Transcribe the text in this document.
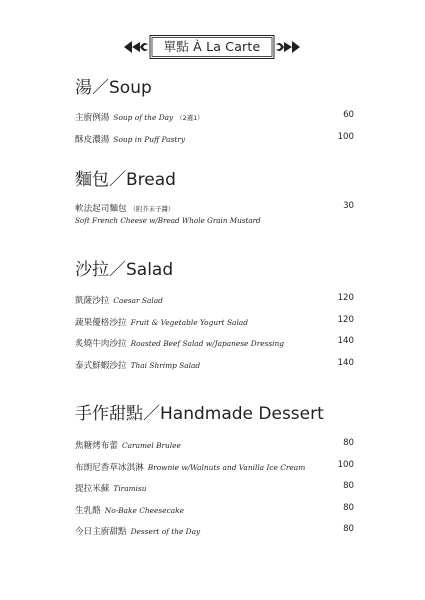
單點 À La Carte
湯／Soup
主廚例湯 Soup of the Day （2選1）	60
酥皮濃湯 Soup in Puff Pastry	100
麵包／Bread
軟法起司麵包 （附芥末子醬）	30
Soft French Cheese w/Bread Whole Grain Mustard
沙拉／Salad
凱薩沙拉 Caesar Salad	120
蔬果優格沙拉 Fruit & Vegetable Yogurt Salad	120
炙燒牛肉沙拉 Roasted Beef Salad w/Japanese Dressing	140
泰式鮮蝦沙拉 Thai Shrimp Salad	140
手作甜點／Handmade Dessert
焦糖烤布蕾 Caramel Brulee	80
布朗尼香草冰淇淋 Brownie w/Walnuts and Vanilla Ice Cream	100
提拉米蘇 Tiramisu	80
生乳酪 No-Bake Cheesecake	80
今日主廚甜點 Dessert of the Day	80
